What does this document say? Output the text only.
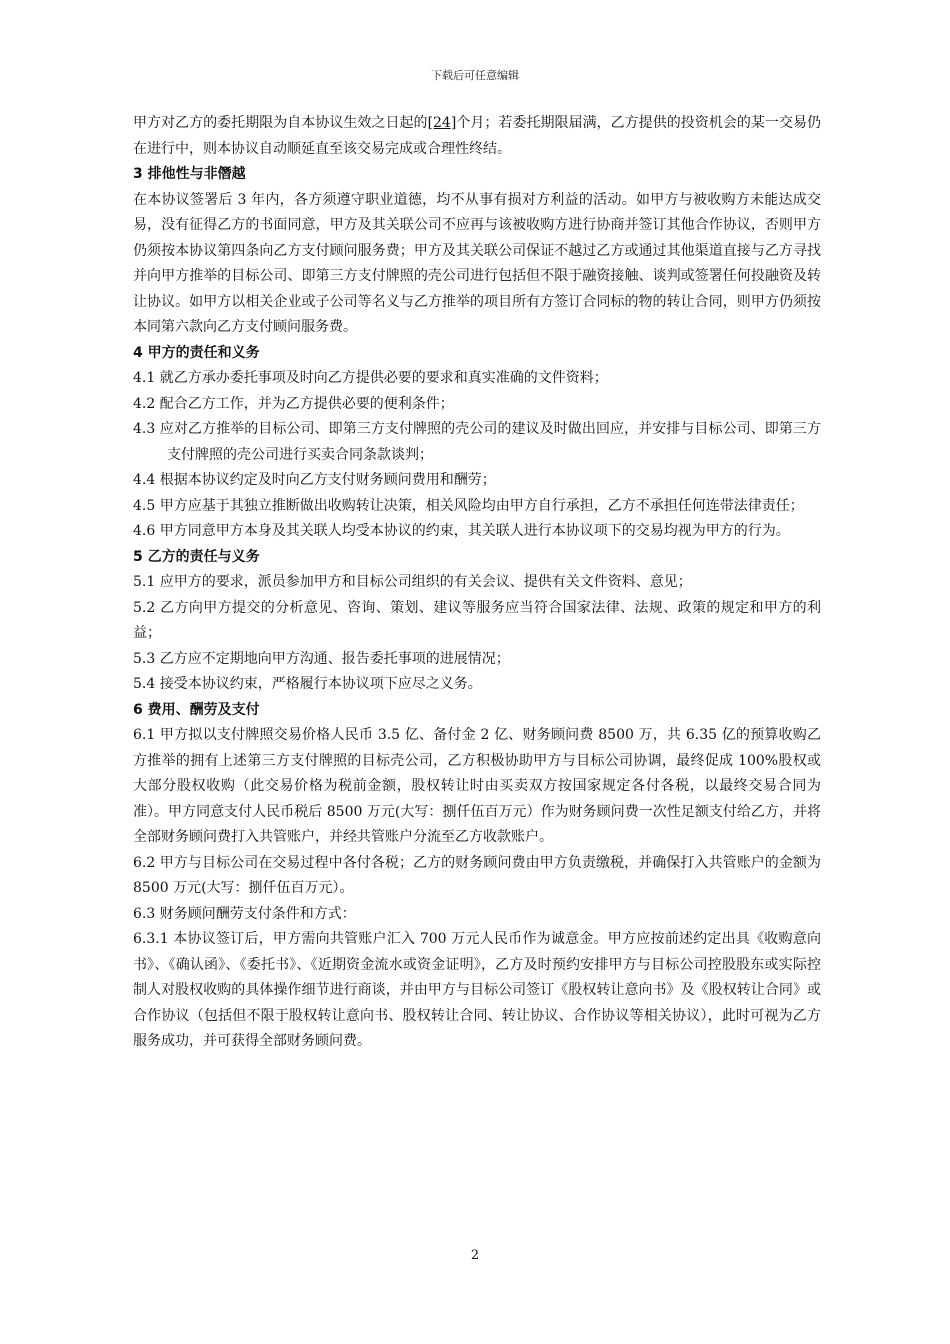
下载后可任意编辑

甲方对乙方的委托期限为自本协议生效之日起的[24]个月；若委托期限届满，乙方提供的投资机会的某一交易仍在进行中，则本协议自动顺延直至该交易完成或合理性终结。

3 排他性与非僭越

在本协议签署后 3 年内，各方须遵守职业道德，均不从事有损对方利益的活动。如甲方与被收购方未能达成交易，没有征得乙方的书面同意，甲方及其关联公司不应再与该被收购方进行协商并签订其他合作协议，否则甲方仍须按本协议第四条向乙方支付顾问服务费；甲方及其关联公司保证不越过乙方或通过其他渠道直接与乙方寻找并向甲方推举的目标公司、即第三方支付牌照的壳公司进行包括但不限于融资接触、谈判或签署任何投融资及转让协议。如甲方以相关企业或子公司等名义与乙方推举的项目所有方签订合同标的物的转让合同，则甲方仍须按本同第六款向乙方支付顾问服务费。

4 甲方的责任和义务

4.1 就乙方承办委托事项及时向乙方提供必要的要求和真实准确的文件资料；

4.2 配合乙方工作，并为乙方提供必要的便利条件；

4.3 应对乙方推举的目标公司、即第三方支付牌照的壳公司的建议及时做出回应，并安排与目标公司、即第三方支付牌照的壳公司进行买卖合同条款谈判；

4.4 根据本协议约定及时向乙方支付财务顾问费用和酬劳；

4.5 甲方应基于其独立推断做出收购转让决策，相关风险均由甲方自行承担，乙方不承担任何连带法律责任；

4.6 甲方同意甲方本身及其关联人均受本协议的约束，其关联人进行本协议项下的交易均视为甲方的行为。

5 乙方的责任与义务

5.1 应甲方的要求，派员参加甲方和目标公司组织的有关会议、提供有关文件资料、意见；

5.2 乙方向甲方提交的分析意见、咨询、策划、建议等服务应当符合国家法律、法规、政策的规定和甲方的利益；

5.3 乙方应不定期地向甲方沟通、报告委托事项的进展情况；

5.4 接受本协议约束，严格履行本协议项下应尽之义务。

6 费用、酬劳及支付

6.1 甲方拟以支付牌照交易价格人民币 3.5 亿、备付金 2 亿、财务顾问费 8500 万，共 6.35 亿的预算收购乙方推举的拥有上述第三方支付牌照的目标壳公司，乙方积极协助甲方与目标公司协调，最终促成 100%股权或大部分股权收购（此交易价格为税前金额，股权转让时由买卖双方按国家规定各付各税，以最终交易合同为准）。甲方同意支付人民币税后 8500 万元(大写：捌仟伍百万元）作为财务顾问费一次性足额支付给乙方，并将全部财务顾问费打入共管账户，并经共管账户分流至乙方收款账户。

6.2 甲方与目标公司在交易过程中各付各税；乙方的财务顾问费由甲方负责缴税，并确保打入共管账户的金额为 8500 万元(大写：捌仟伍百万元）。

6.3 财务顾问酬劳支付条件和方式：

6.3.1 本协议签订后，甲方需向共管账户汇入 700 万元人民币作为诚意金。甲方应按前述约定出具《收购意向书》、《确认函》、《委托书》、《近期资金流水或资金证明》，乙方及时预约安排甲方与目标公司控股股东或实际控制人对股权收购的具体操作细节进行商谈，并由甲方与目标公司签订《股权转让意向书》及《股权转让合同》或合作协议（包括但不限于股权转让意向书、股权转让合同、转让协议、合作协议等相关协议），此时可视为乙方服务成功，并可获得全部财务顾问费。

2
